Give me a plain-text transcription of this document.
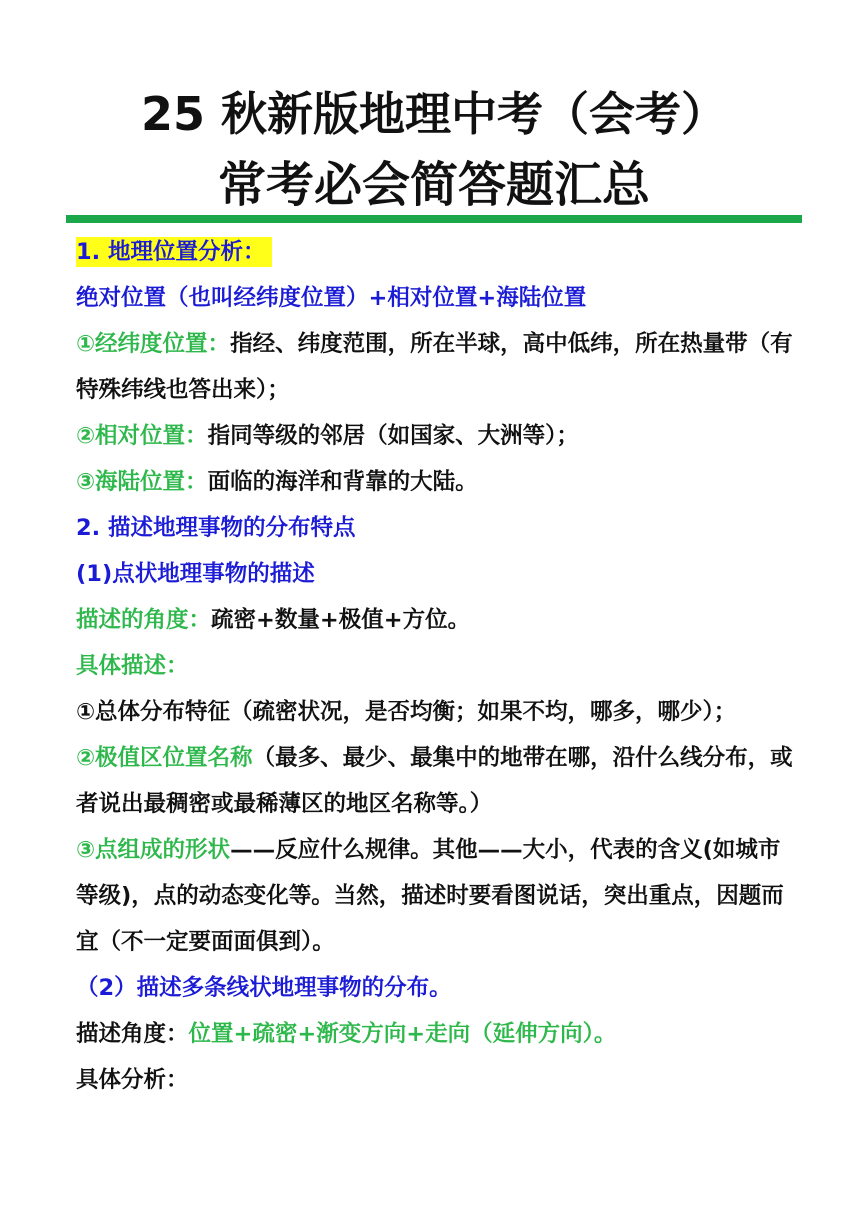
25 秋新版地理中考（会考）
常考必会简答题汇总

1. 地理位置分析：

绝对位置（也叫经纬度位置）+相对位置+海陆位置

①经纬度位置：指经、纬度范围，所在半球，高中低纬，所在热量带（有特殊纬线也答出来）；

②相对位置：指同等级的邻居（如国家、大洲等）；

③海陆位置：面临的海洋和背靠的大陆。

2. 描述地理事物的分布特点

(1)点状地理事物的描述

描述的角度：疏密+数量+极值+方位。

具体描述：

①总体分布特征（疏密状况，是否均衡；如果不均，哪多，哪少）；

②极值区位置名称（最多、最少、最集中的地带在哪，沿什么线分布，或者说出最稠密或最稀薄区的地区名称等。）

③点组成的形状——反应什么规律。其他——大小，代表的含义(如城市等级)，点的动态变化等。当然，描述时要看图说话，突出重点，因题而宜（不一定要面面俱到）。

（2）描述多条线状地理事物的分布。

描述角度：位置+疏密+渐变方向+走向（延伸方向）。

具体分析：
